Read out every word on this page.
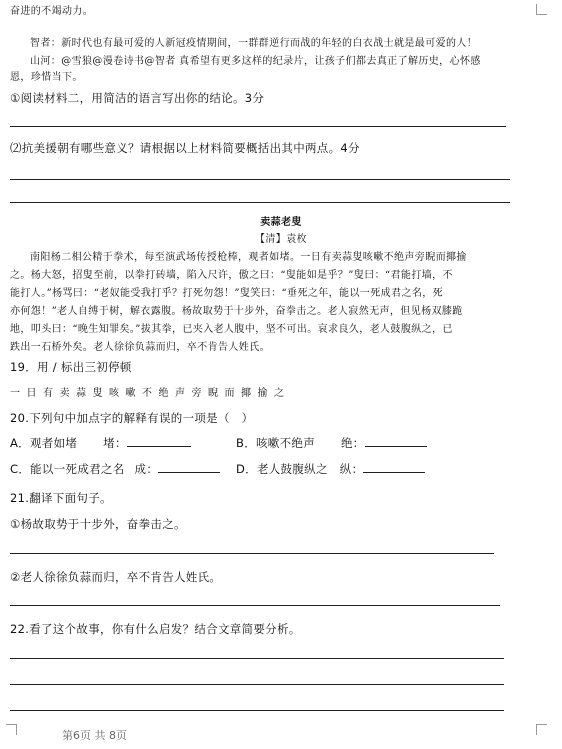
奋进的不竭动力。
智者：新时代也有最可爱的人新冠疫情期间，一群群逆行而战的年轻的白衣战士就是最可爱的人！
山河：@雪狼@漫卷诗书@智者 真希望有更多这样的纪录片，让孩子们都去真正了解历史，心怀感
恩，珍惜当下。
①阅读材料二，用简洁的语言写出你的结论。3分
⑵抗美援朝有哪些意义？请根据以上材料简要概括出其中两点。4分
卖蒜老叟
【清】袁枚
南阳杨二相公精于拳术，每至演武场传授枪棒，观者如堵。一日有卖蒜叟咳嗽不绝声旁睨而揶揄
之。杨大怒，招叟至前，以拳打砖墙，陷入尺许，傲之曰：“叟能如是乎？”叟曰：“君能打墙，不
能打人。”杨骂曰：“老奴能受我打乎？打死勿怨！”叟笑曰：“垂死之年，能以一死成君之名，死
亦何怨！”老人自缚于树，解衣露腹。杨故取势于十步外，奋拳击之。老人寂然无声，但见杨双膝跪
地，叩头曰：“晚生知罪矣。”拔其拳，已夹入老人腹中，坚不可出。哀求良久，老人鼓腹纵之，已
跌出一石桥外矣。老人徐徐负蒜而归，卒不肯告人姓氏。
19．用 / 标出三初停顿
一 日 有 卖 蒜 叟 咳 嗽 不 绝 声 旁 睨 而 揶 揄 之
20.下列句中加点字的解释有误的一项是（　）
A．观者如堵 堵：	B．咳嗽不绝声 绝：
C．能以一死成君之名 成：	D．老人鼓腹纵之 纵：
21.翻译下面句子。
①杨故取势于十步外，奋拳击之。
②老人徐徐负蒜而归，卒不肯告人姓氏。
22.看了这个故事，你有什么启发？结合文章简要分析。
第6页 共 8页
